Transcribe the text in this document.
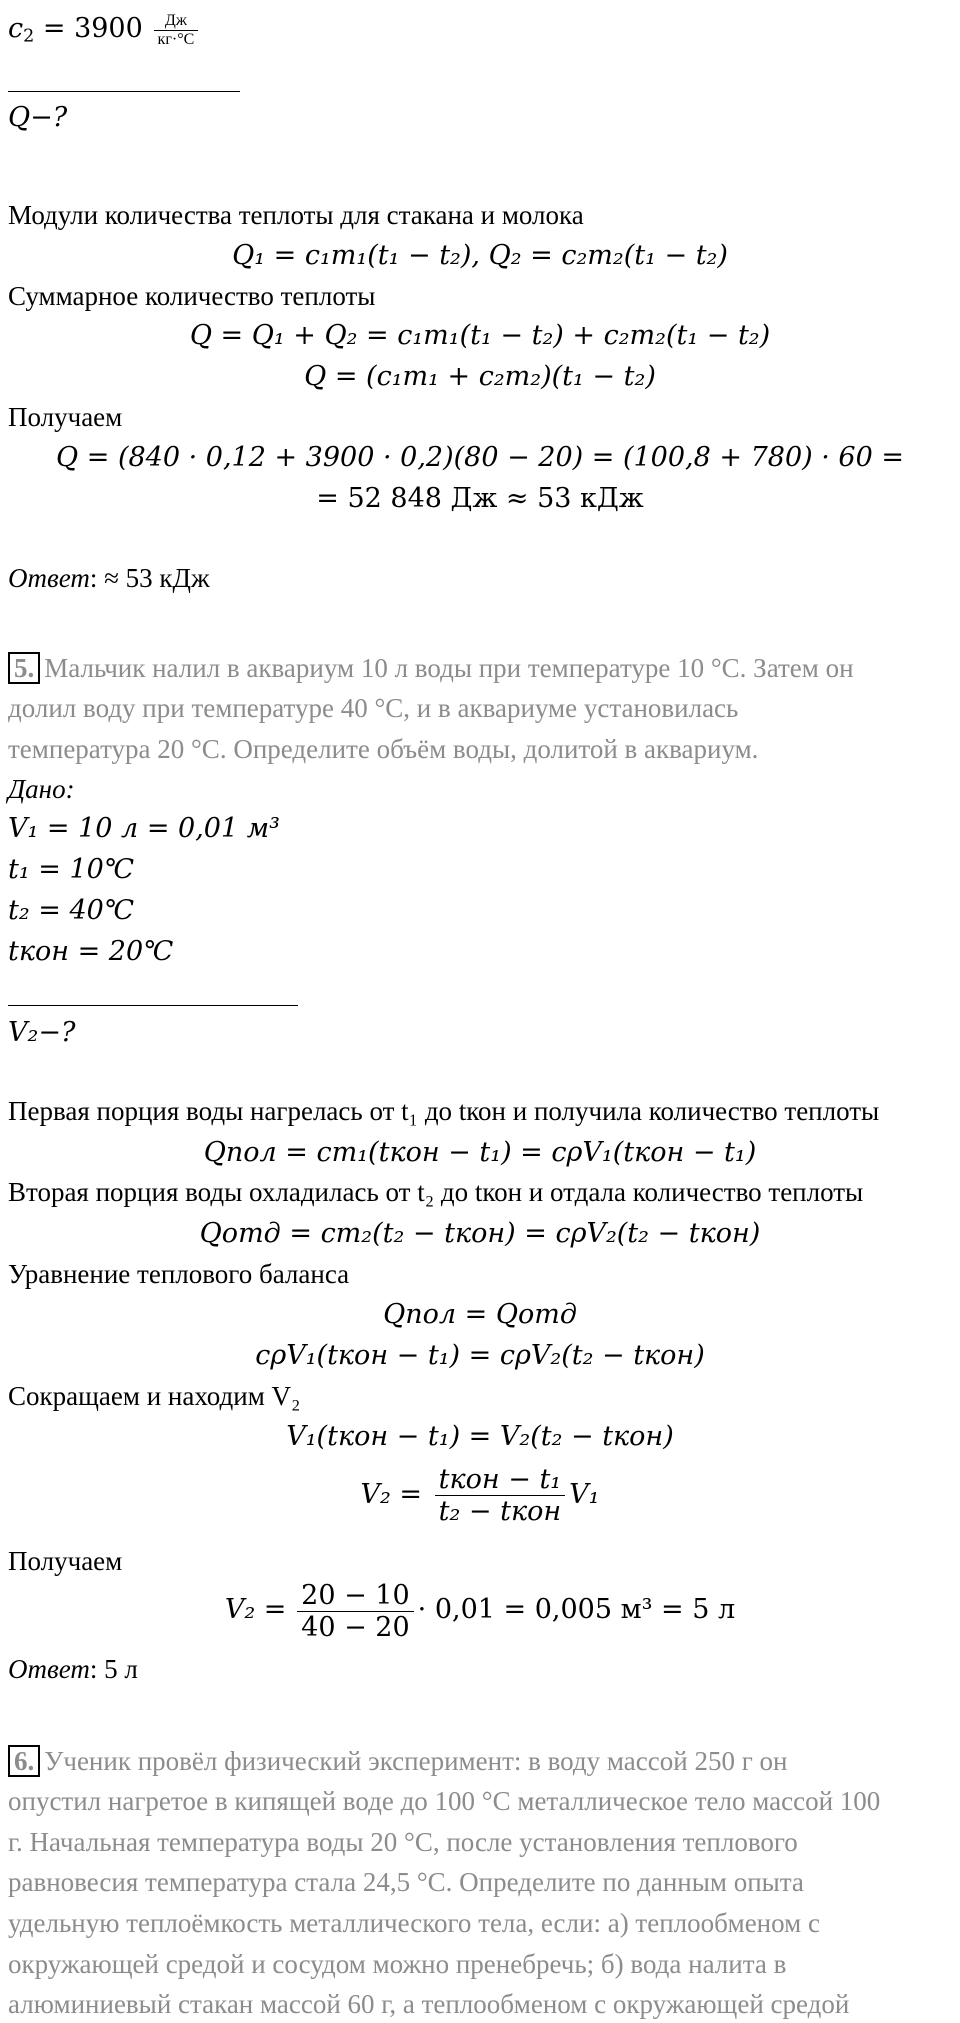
$c_2 = 3900 \frac{Дж}{кг\cdot^\circ С}$
Q−?
Модули количества теплоты для стакана и молока
Q₁ = c₁m₁(t₁ − t₂), Q₂ = c₂m₂(t₁ − t₂)
Суммарное количество теплоты
Q = Q₁ + Q₂ = c₁m₁(t₁ − t₂) + c₂m₂(t₁ − t₂)
Q = (c₁m₁ + c₂m₂)(t₁ − t₂)
Получаем
Q = (840 · 0,12 + 3900 · 0,2)(80 − 20) = (100,8 + 780) · 60 =
= 52 848 Дж ≈ 53 кДж
Ответ: ≈ 53 кДж
5. Мальчик налил в аквариум 10 л воды при температуре 10 °С. Затем он
долил воду при температуре 40 °С, и в аквариуме установилась
температура 20 °С. Определите объём воды, долитой в аквариум.
Дано:
V₁ = 10 л = 0,01 м³
t₁ = 10℃
t₂ = 40℃
tкон = 20℃
V₂−?
Первая порция воды нагрелась от t₁ до tкон и получила количество теплоты
Qпол = cm₁(tкон − t₁) = cρV₁(tкон − t₁)
Вторая порция воды охладилась от t₂ до tкон и отдала количество теплоты
Qотд = cm₂(t₂ − tкон) = cρV₂(t₂ − tкон)
Уравнение теплового баланса
Qпол = Qотд
cρV₁(tкон − t₁) = cρV₂(t₂ − tкон)
Сокращаем и находим V₂
V₁(tкон − t₁) = V₂(t₂ − tкон)
$V_2 = \frac{\text{tкон − t₁}}{\text{t₂ − tкон}} V_1$
Получаем
$V_2 = \frac{20 - 10}{40 - 20} \cdot 0,01 = 0,005$ м³ = 5 л
Ответ: 5 л
6. Ученик провёл физический эксперимент: в воду массой 250 г он
опустил нагретое в кипящей воде до 100 °С металлическое тело массой 100
г. Начальная температура воды 20 °С, после установления теплового
равновесия температура стала 24,5 °С. Определите по данным опыта
удельную теплоёмкость металлического тела, если: а) теплообменом с
окружающей средой и сосудом можно пренебречь; б) вода налита в
алюминиевый стакан массой 60 г, а теплообменом с окружающей средой
